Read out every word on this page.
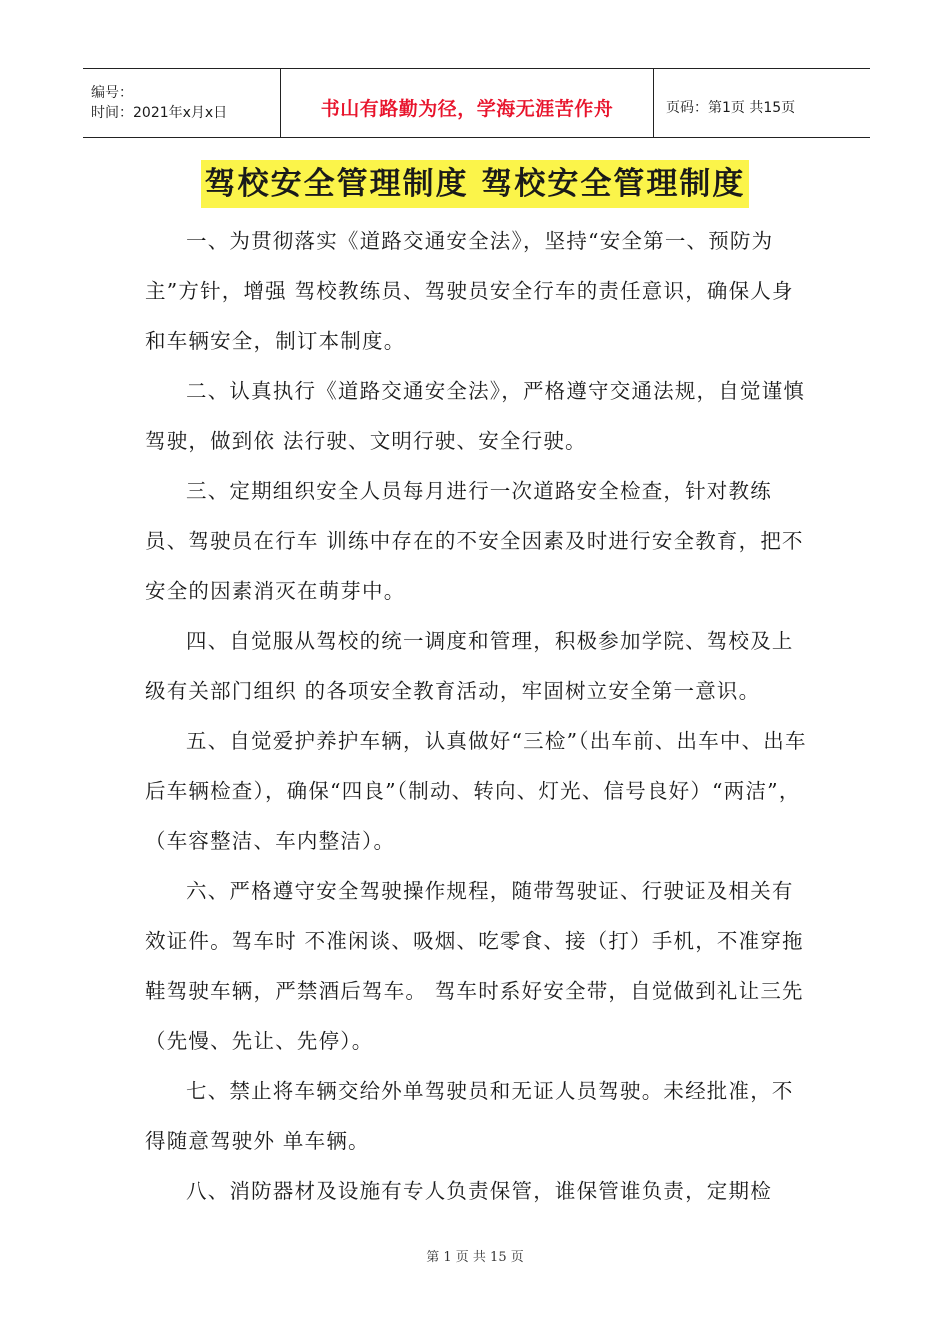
编号：
时间：2021年x月x日	书山有路勤为径，学海无涯苦作舟	页码：第1页 共15页
驾校安全管理制度 驾校安全管理制度

一、为贯彻落实《道路交通安全法》，坚持“安全第一、预防为主”方针，增强 驾校教练员、驾驶员安全行车的责任意识，确保人身和车辆安全，制订本制度。

二、认真执行《道路交通安全法》，严格遵守交通法规，自觉谨慎驾驶，做到依 法行驶、文明行驶、安全行驶。

三、定期组织安全人员每月进行一次道路安全检查，针对教练员、驾驶员在行车 训练中存在的不安全因素及时进行安全教育，把不安全的因素消灭在萌芽中。

四、自觉服从驾校的统一调度和管理，积极参加学院、驾校及上级有关部门组织 的各项安全教育活动，牢固树立安全第一意识。

五、自觉爱护养护车辆，认真做好“三检”（出车前、出车中、出车后车辆检查），确保“四良”（制动、转向、灯光、信号良好）“两洁”，（车容整洁、车内整洁）。

六、严格遵守安全驾驶操作规程，随带驾驶证、行驶证及相关有效证件。驾车时 不准闲谈、吸烟、吃零食、接（打）手机，不准穿拖鞋驾驶车辆，严禁酒后驾车。 驾车时系好安全带，自觉做到礼让三先（先慢、先让、先停）。

七、禁止将车辆交给外单驾驶员和无证人员驾驶。未经批准，不得随意驾驶外 单车辆。

八、消防器材及设施有专人负责保管，谁保管谁负责，定期检

第 1 页 共 15 页
